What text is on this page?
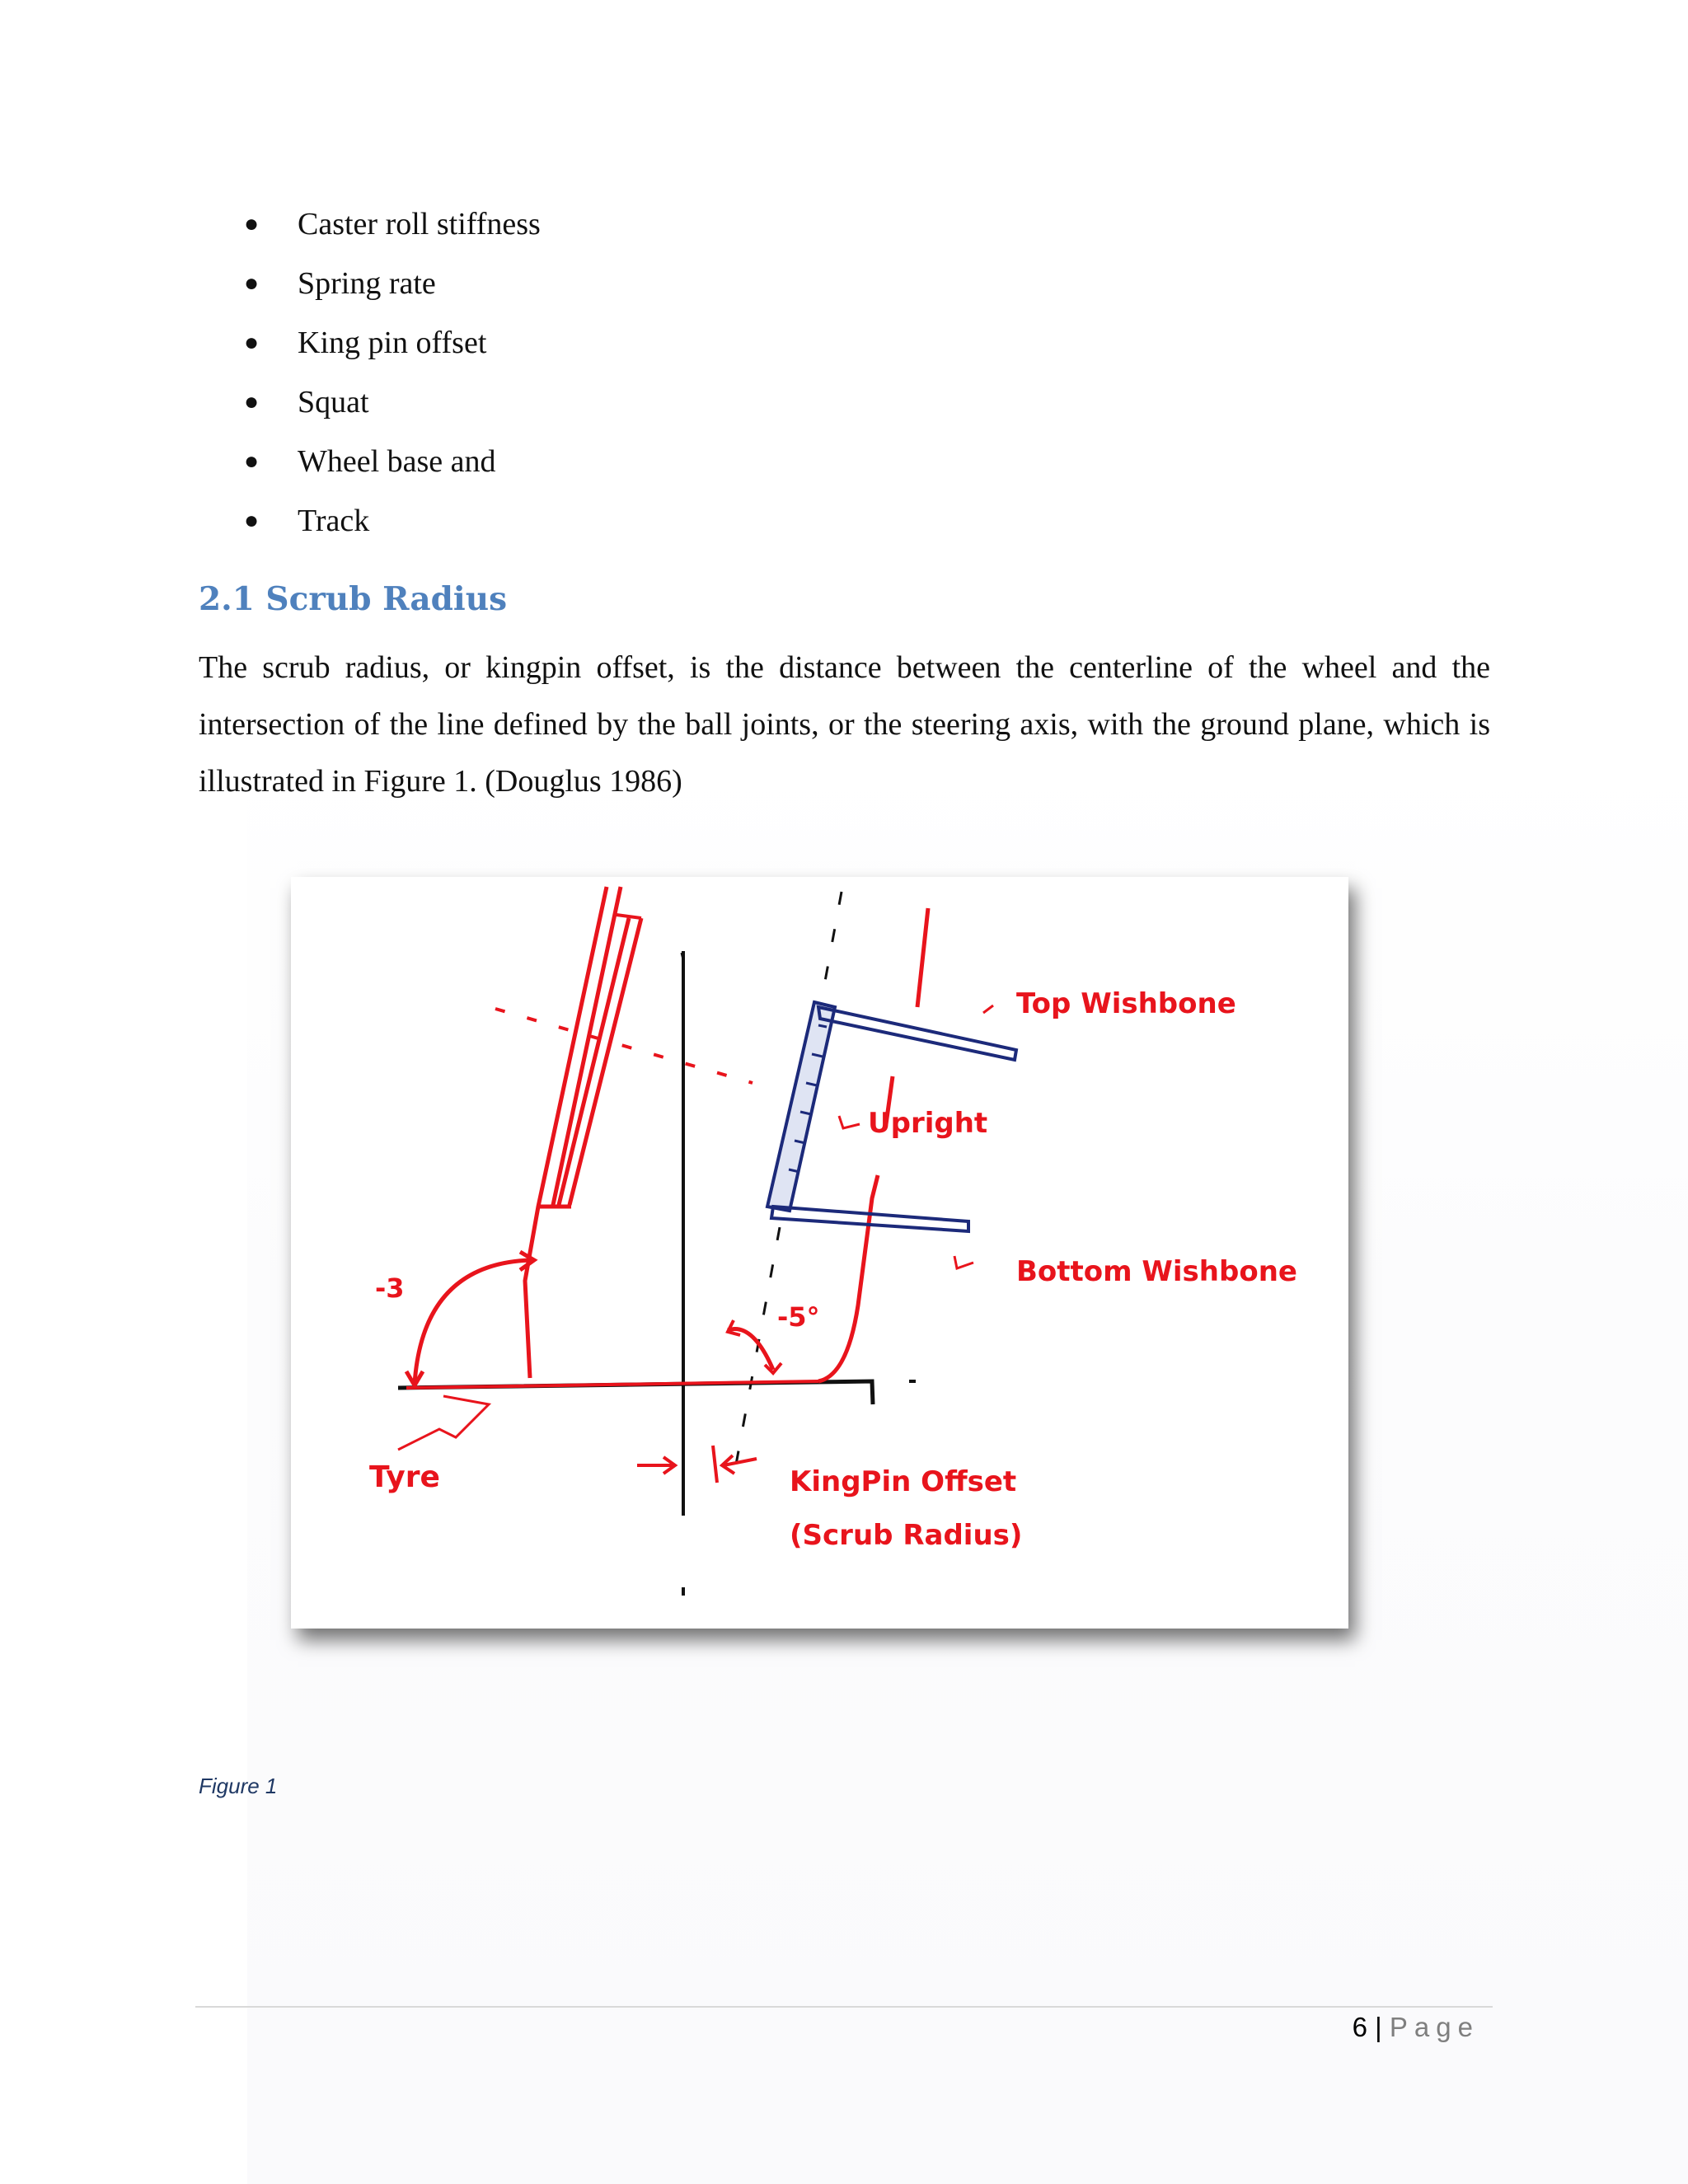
● Caster roll stiffness
● Spring rate
● King pin offset
● Squat
● Wheel base and
● Track
2.1 Scrub Radius

The scrub radius, or kingpin offset, is the distance between the centerline of the wheel and the intersection of the line defined by the ball joints, or the steering axis, with the ground plane, which is illustrated in Figure 1. (Douglus 1986)

Top Wishbone
Upright
Bottom Wishbone
-3
-5°
Tyre	KingPin Offset
(Scrub Radius)
Figure 1
6 | Page
